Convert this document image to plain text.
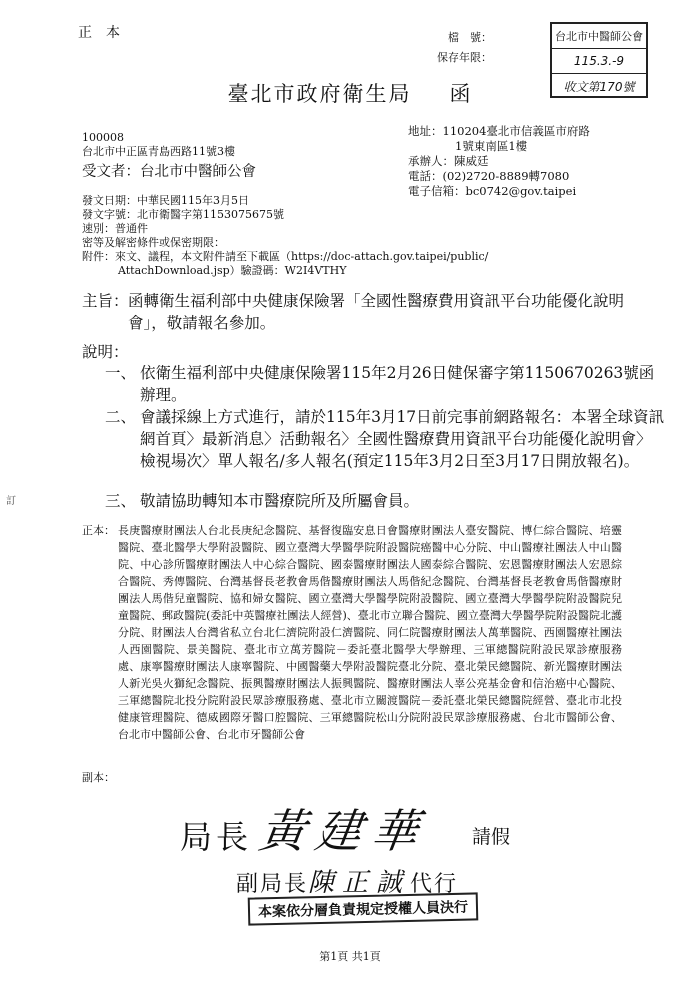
正本	檔　號：
保存年限：
台北市中醫師公會
115.3.-9
收文第170號
臺北市政府衛生局 函
100008
台北市中正區青島西路11號3樓
受文者：台北市中醫師公會
地址：110204臺北市信義區市府路
1號東南區1樓
承辦人：陳威廷
電話：(02)2720-8889轉7080
電子信箱：bc0742@gov.taipei
發文日期：中華民國115年3月5日
發文字號：北市衛醫字第1153075675號
速別：普通件
密等及解密條件或保密期限：
附件：來文、議程，本文附件請至下載區（https://doc-attach.gov.taipei/public/
AttachDownload.jsp）驗證碼：W2I4VTHY
主旨： 函轉衛生福利部中央健康保險署「全國性醫療費用資訊平台功能優化說明會」，敬請報名參加。
說明：
一、 依衛生福利部中央健康保險署115年2月26日健保審字第1150670263號函辦理。
二、 會議採線上方式進行，請於115年3月17日前完事前網路報名：本署全球資訊網首頁〉最新消息〉活動報名〉全國性醫療費用資訊平台功能優化說明會〉檢視場次〉單人報名/多人報名(預定115年3月2日至3月17日開放報名)。
三、 敬請協助轉知本市醫療院所及所屬會員。
正本： 長庚醫療財團法人台北長庚紀念醫院、基督復臨安息日會醫療財團法人臺安醫院、博仁綜合醫院、培靈醫院、臺北醫學大學附設醫院、國立臺灣大學醫學院附設醫院癌醫中心分院、中山醫療社團法人中山醫院、中心診所醫療財團法人中心綜合醫院、國泰醫療財團法人國泰綜合醫院、宏恩醫療財團法人宏恩綜合醫院、秀傳醫院、台灣基督長老教會馬偕醫療財團法人馬偕紀念醫院、台灣基督長老教會馬偕醫療財團法人馬偕兒童醫院、協和婦女醫院、國立臺灣大學醫學院附設醫院、國立臺灣大學醫學院附設醫院兒童醫院、郵政醫院(委託中英醫療社團法人經營)、臺北市立聯合醫院、國立臺灣大學醫學院附設醫院北護分院、財團法人台灣省私立台北仁濟院附設仁濟醫院、同仁院醫療財團法人萬華醫院、西園醫療社團法人西園醫院、景美醫院、臺北市立萬芳醫院－委託臺北醫學大學辦理、三軍總醫院附設民眾診療服務處、康寧醫療財團法人康寧醫院、中國醫藥大學附設醫院臺北分院、臺北榮民總醫院、新光醫療財團法人新光吳火獅紀念醫院、振興醫療財團法人振興醫院、醫療財團法人辜公亮基金會和信治癌中心醫院、三軍總醫院北投分院附設民眾診療服務處、臺北市立關渡醫院－委託臺北榮民總醫院經營、臺北市北投健康管理醫院、德威國際牙醫口腔醫院、三軍總醫院松山分院附設民眾診療服務處、台北市醫師公會、台北市中醫師公會、台北市牙醫師公會
副本：
局長 黃建華 請假
副局長陳正誠代行
本案依分層負責規定授權人員決行
訂
第1頁 共1頁
